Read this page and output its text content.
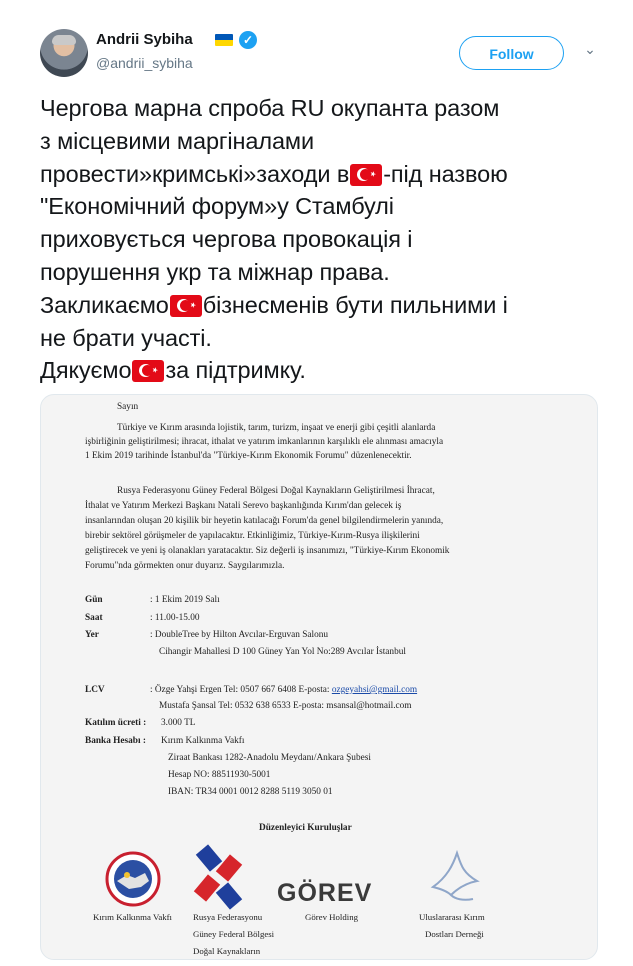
Andrii Sybiha	✓
@andrii_sybiha
Follow	⌄
Чергова марна спроба RU окупанта разом
з місцевими маргіналами
провести»кримські»заходи в -під назвою
"Економічний форум»у Стамбулі
приховується чергова провокація і
порушення укр та міжнар права.
Закликаємо бізнесменів бути пильними і
не брати участі.
Дякуємо за підтримку.
Sayın
Türkiye ve Kırım arasında lojistik, tarım, turizm, inşaat ve enerji gibi çeşitli alanlarda
işbirliğinin geliştirilmesi; ihracat, ithalat ve yatırım imkanlarının karşılıklı ele alınması amacıyla
1 Ekim 2019 tarihinde İstanbul'da "Türkiye-Kırım Ekonomik Forumu" düzenlenecektir.
Rusya Federasyonu Güney Federal Bölgesi Doğal Kaynakların Geliştirilmesi İhracat,
İthalat ve Yatırım Merkezi Başkanı Natali Serevo başkanlığında Kırım'dan gelecek iş
insanlarından oluşan 20 kişilik bir heyetin katılacağı Forum'da genel bilgilendirmelerin yanında,
birebir sektörel görüşmeler de yapılacaktır. Etkinliğimiz, Türkiye-Kırım-Rusya ilişkilerini
geliştirecek ve yeni iş olanakları yaratacaktır. Siz değerli iş insanımızı, "Türkiye-Kırım Ekonomik
Forumu"nda görmekten onur duyarız. Saygılarımızla.
Gün	: 1 Ekim 2019 Salı
Saat	: 11.00-15.00
Yer	: DoubleTree by Hilton Avcılar-Erguvan Salonu
Cihangir Mahallesi D 100 Güney Yan Yol No:289 Avcılar İstanbul
LCV	: Özge Yahşi Ergen Tel: 0507 667 6408 E-posta: ozgeyahsi@gmail.com
Mustafa Şansal Tel: 0532 638 6533 E-posta: msansal@hotmail.com
Katılım ücreti : 3.000 TL
Banka Hesabı : Kırım Kalkınma Vakfı
Ziraat Bankası 1282-Anadolu Meydanı/Ankara Şubesi
Hesap NO: 88511930-5001
IBAN: TR34 0001 0012 8288 5119 3050 01
Düzenleyici Kuruluşlar
GÖREV
Kırım Kalkınma Vakfı Rusya Federasyonu
Güney Federal Bölgesi
Doğal Kaynakların
Görev Holding	Uluslararası Kırım
Dostları Derneği
